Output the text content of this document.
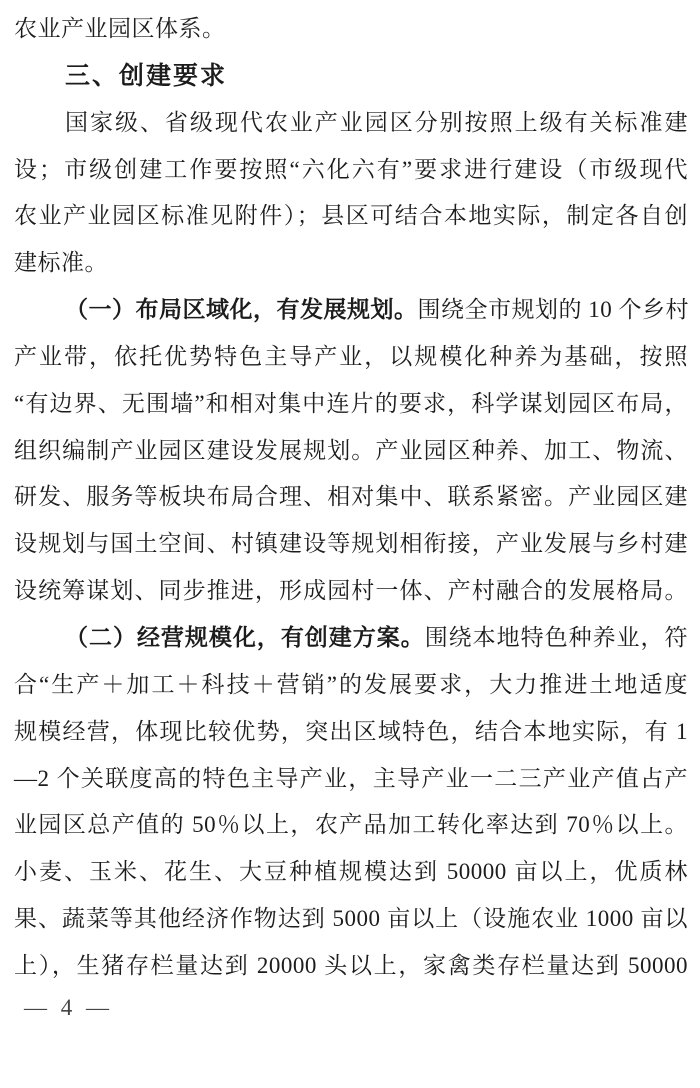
农业产业园区体系。
三、创建要求
国家级、省级现代农业产业园区分别按照上级有关标准建
设；市级创建工作要按照“六化六有”要求进行建设（市级现代
农业产业园区标准见附件）；县区可结合本地实际，制定各自创
建标准。
（一）布局区域化，有发展规划。围绕全市规划的 10 个乡村
产业带，依托优势特色主导产业，以规模化种养为基础，按照
“有边界、无围墙”和相对集中连片的要求，科学谋划园区布局，
组织编制产业园区建设发展规划。产业园区种养、加工、物流、
研发、服务等板块布局合理、相对集中、联系紧密。产业园区建
设规划与国土空间、村镇建设等规划相衔接，产业发展与乡村建
设统筹谋划、同步推进，形成园村一体、产村融合的发展格局。
（二）经营规模化，有创建方案。围绕本地特色种养业，符
合“生产＋加工＋科技＋营销”的发展要求，大力推进土地适度
规模经营，体现比较优势，突出区域特色，结合本地实际，有 1
—2 个关联度高的特色主导产业，主导产业一二三产业产值占产
业园区总产值的 50％以上，农产品加工转化率达到 70％以上。
小麦、玉米、花生、大豆种植规模达到 50000 亩以上，优质林
果、蔬菜等其他经济作物达到 5000 亩以上（设施农业 1000 亩以
上），生猪存栏量达到 20000 头以上，家禽类存栏量达到 50000
— 4 —
